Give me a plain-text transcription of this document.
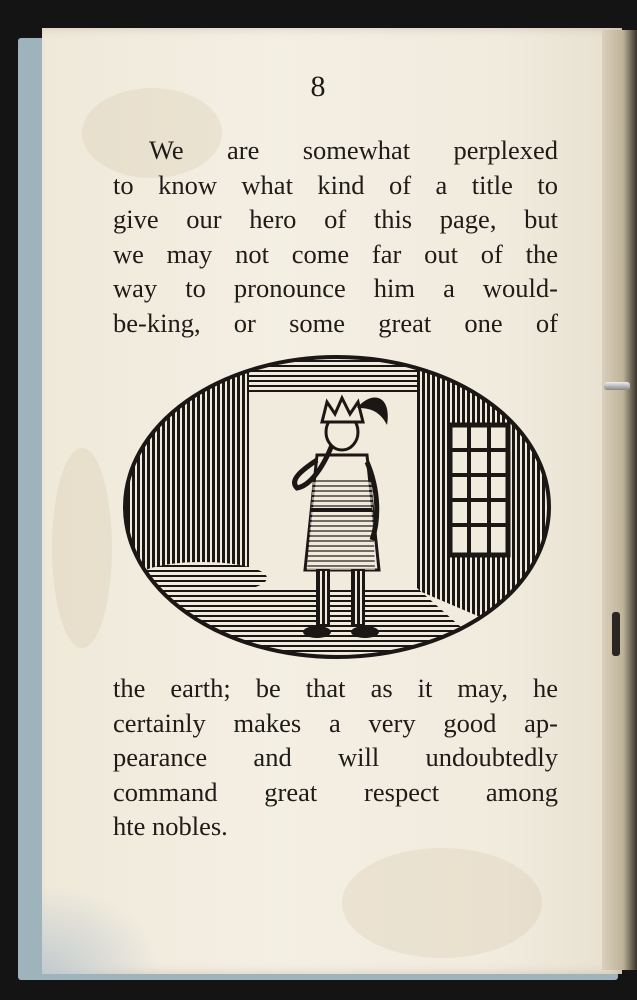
8
We are somewhat perplexed
to know what kind of a title to
give our hero of this page, but
we may not come far out of the
way to pronounce him a would-
be-king, or some great one of
the earth; be that as it may, he
certainly makes a very good ap-
pearance and will undoubtedly
command great respect among
hte nobles.
